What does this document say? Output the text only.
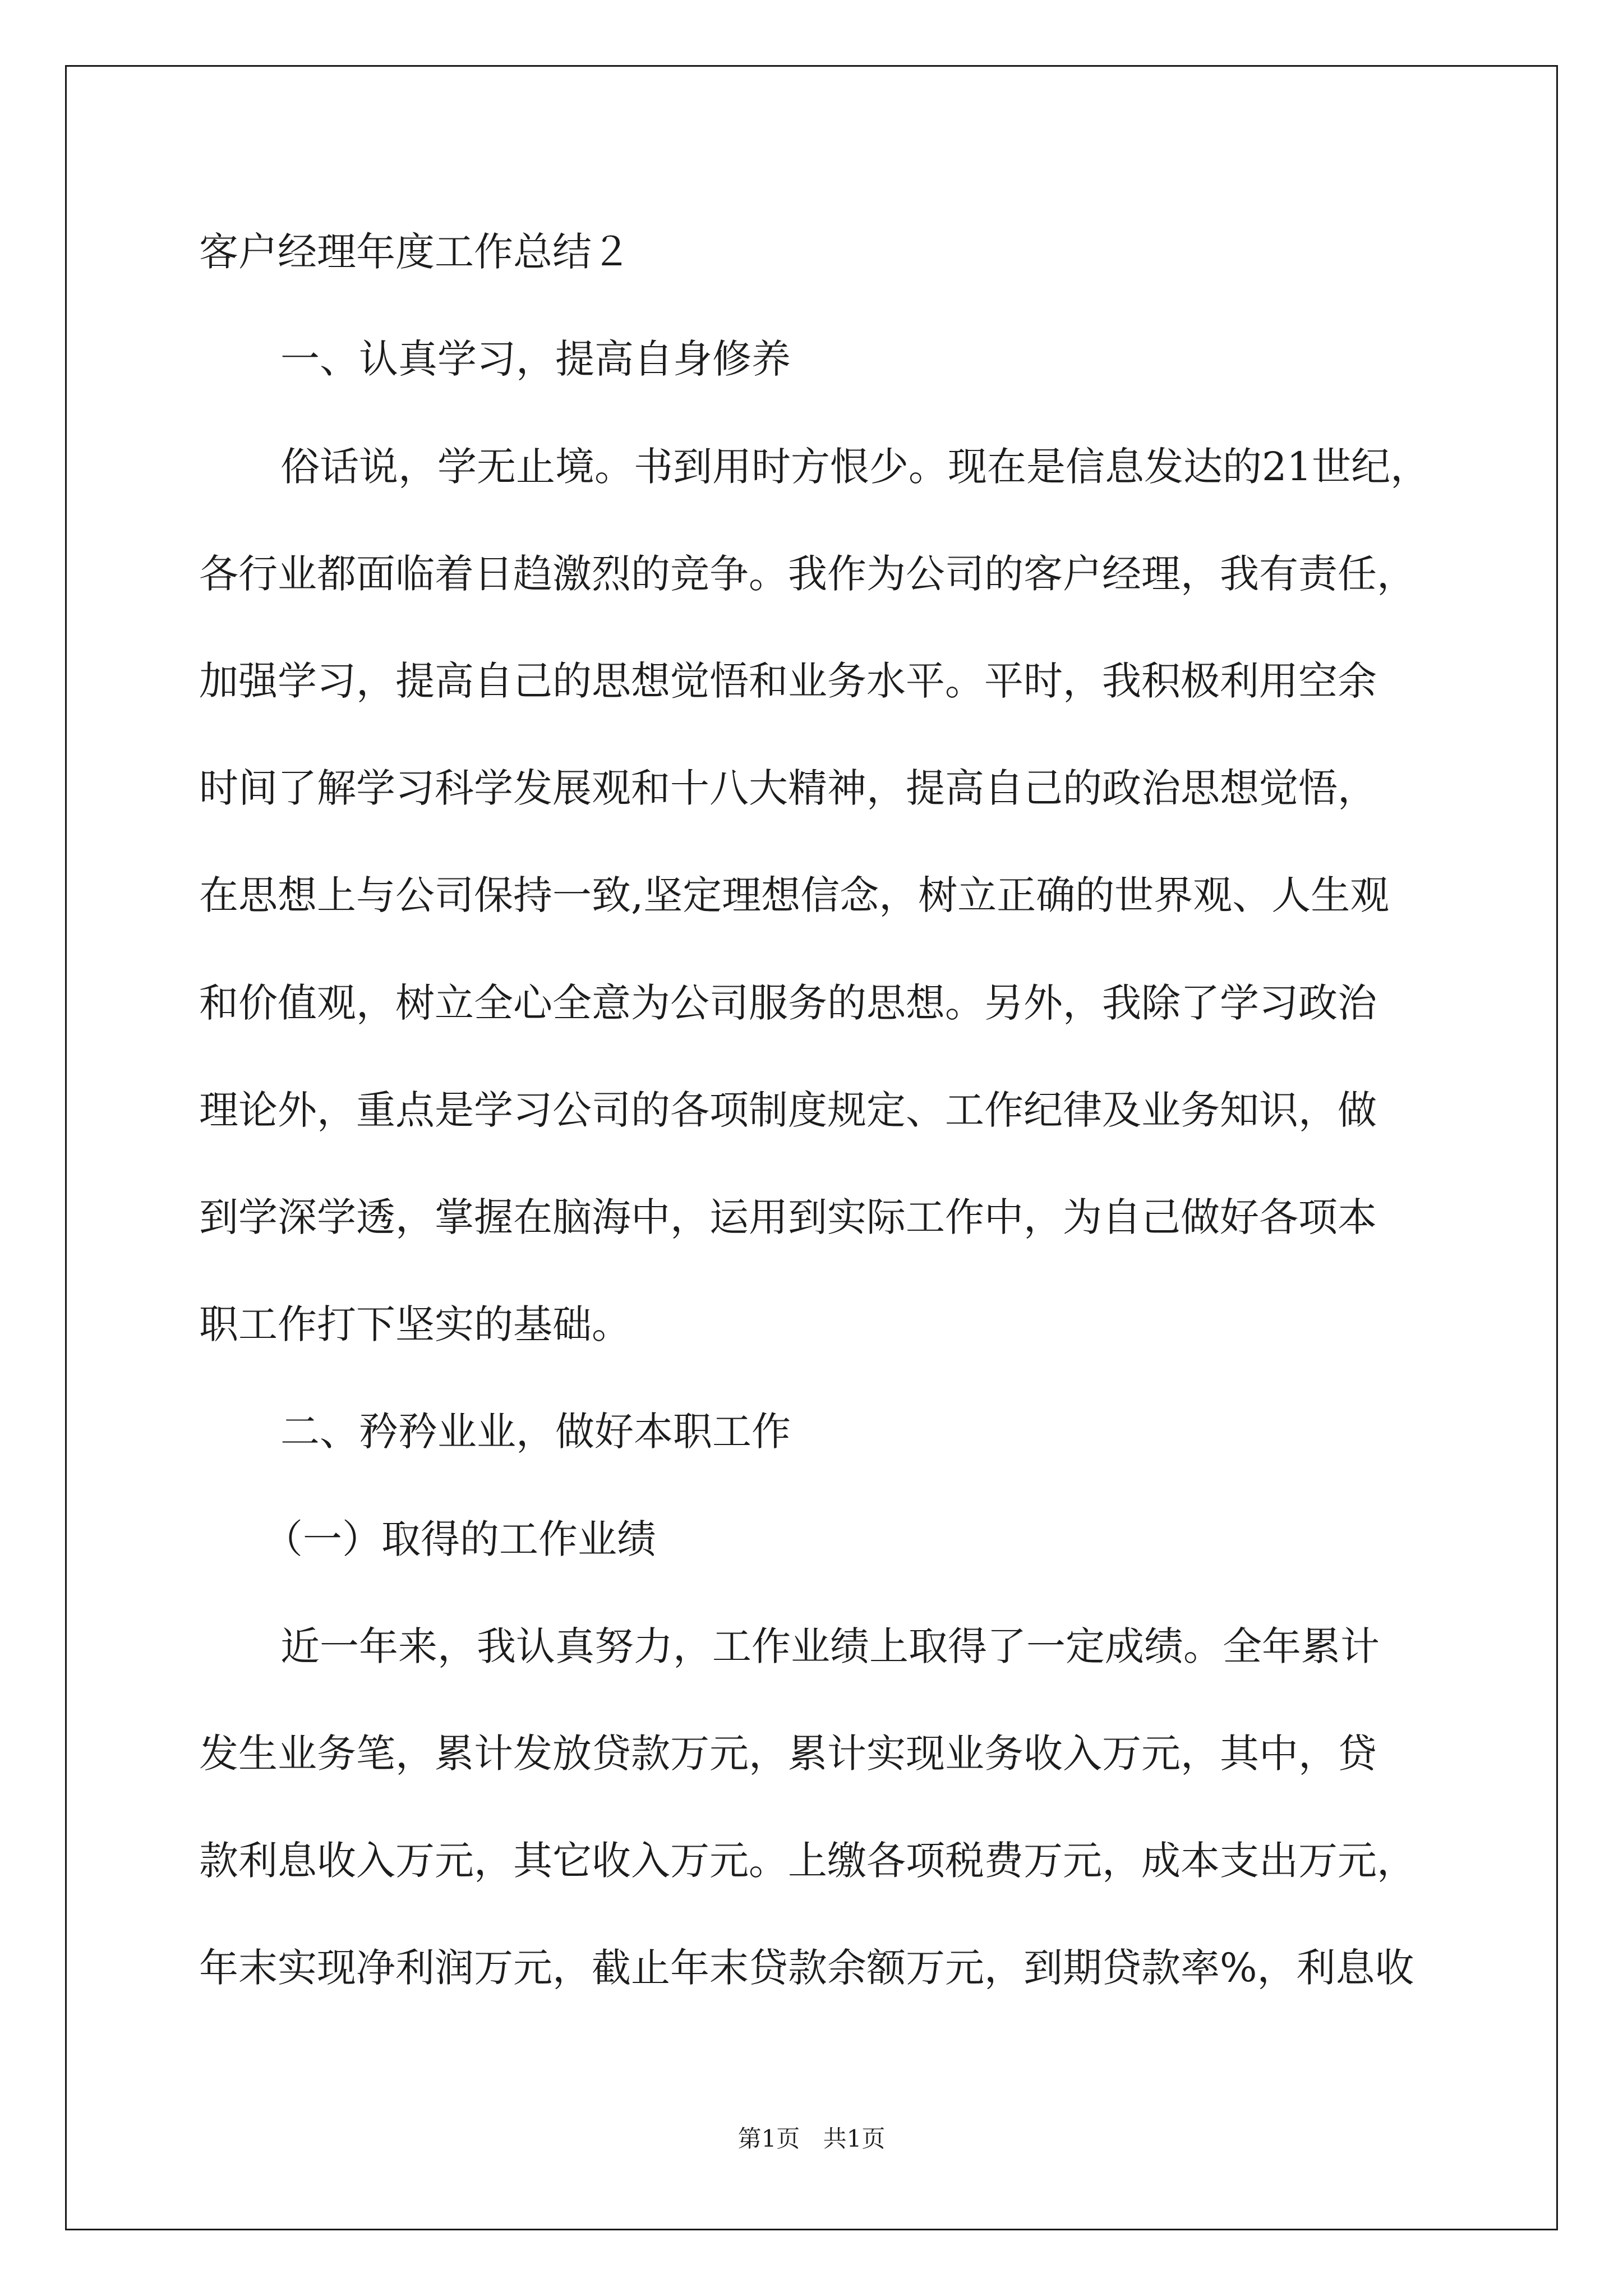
客户经理年度工作总结２

一、认真学习，提高自身修养

俗话说，学无止境。书到用时方恨少。现在是信息发达的21世纪，

各行业都面临着日趋激烈的竞争。我作为公司的客户经理，我有责任，

加强学习，提高自己的思想觉悟和业务水平。平时，我积极利用空余

时间了解学习科学发展观和十八大精神，提高自己的政治思想觉悟，

在思想上与公司保持一致,坚定理想信念，树立正确的世界观、人生观

和价值观，树立全心全意为公司服务的思想。另外，我除了学习政治

理论外，重点是学习公司的各项制度规定、工作纪律及业务知识，做

到学深学透，掌握在脑海中，运用到实际工作中，为自己做好各项本

职工作打下坚实的基础。

二、矜矜业业，做好本职工作

（一）取得的工作业绩

近一年来，我认真努力，工作业绩上取得了一定成绩。全年累计

发生业务笔，累计发放贷款万元，累计实现业务收入万元，其中，贷

款利息收入万元，其它收入万元。上缴各项税费万元，成本支出万元，

年末实现净利润万元，截止年末贷款余额万元，到期贷款率%，利息收

第1页 共1页
